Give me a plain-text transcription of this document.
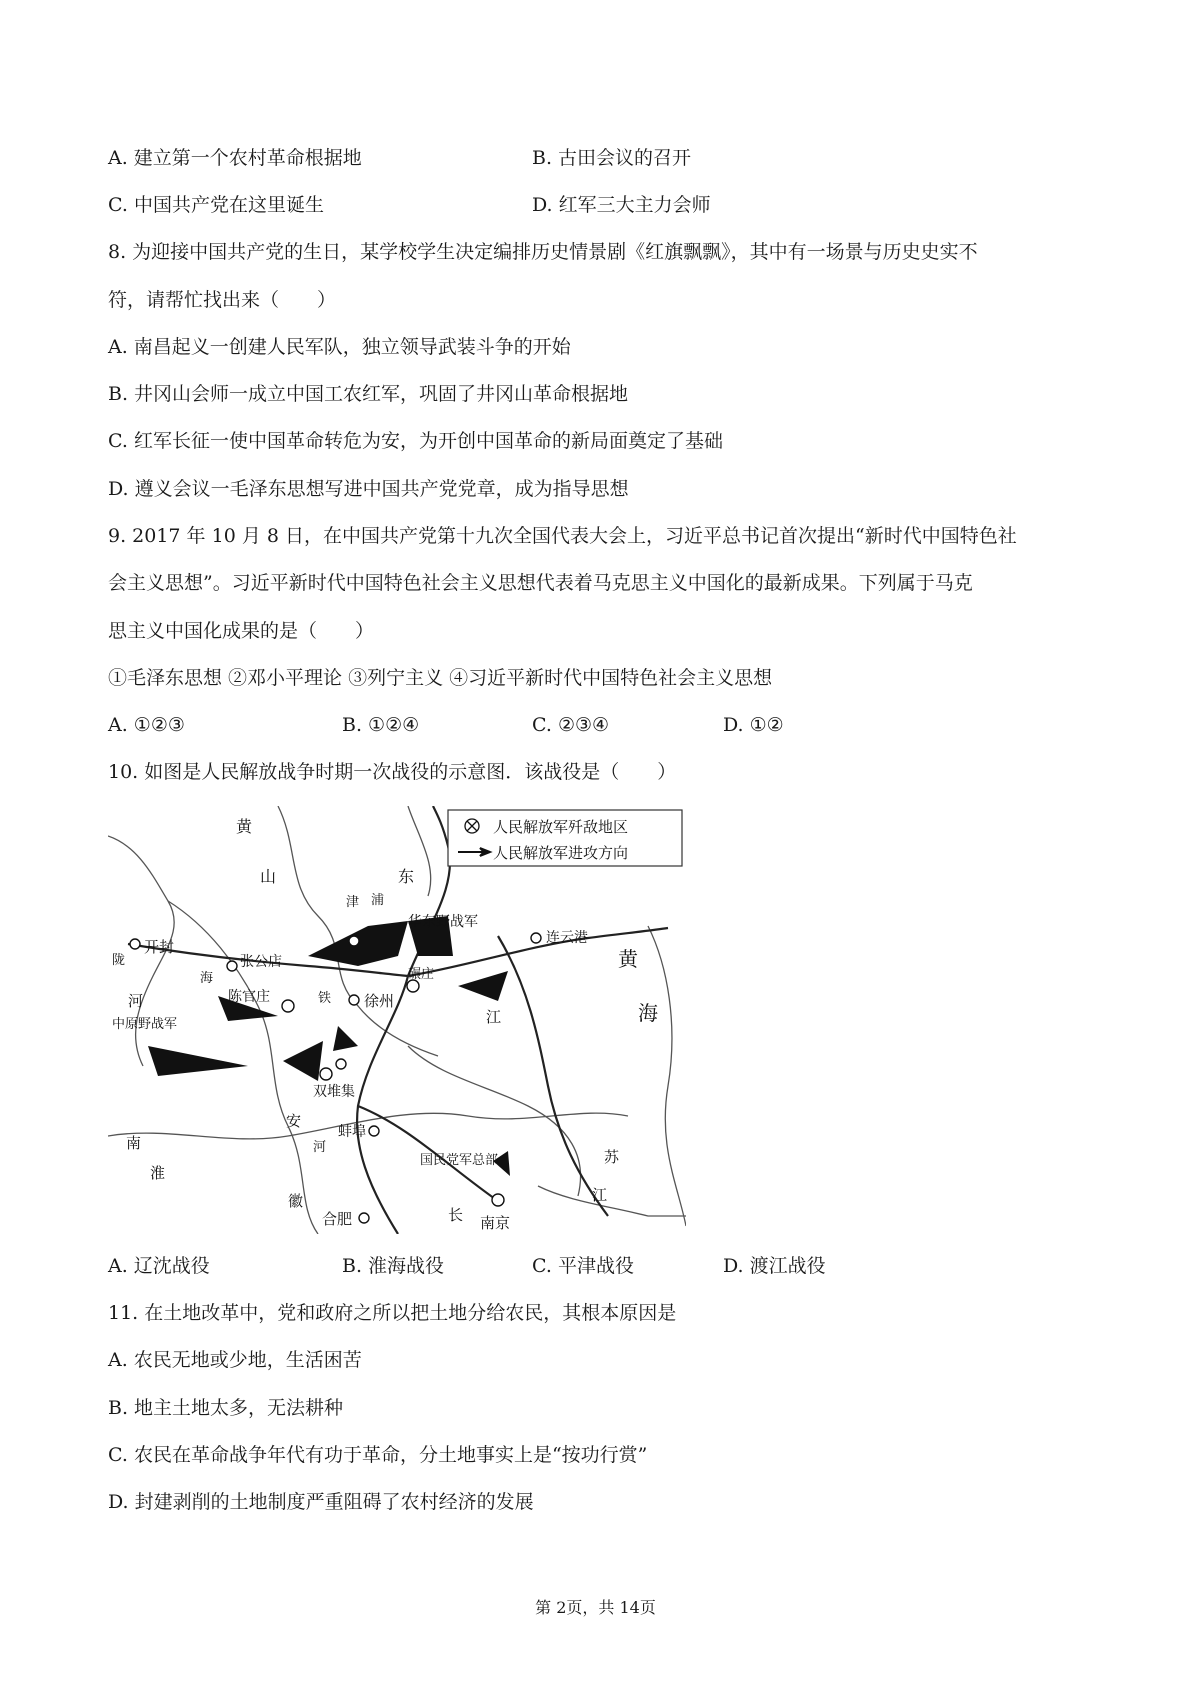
A. 建立第一个农村革命根据地	B. 古田会议的召开
C. 中国共产党在这里诞生	D. 红军三大主力会师
8. 为迎接中国共产党的生日，某学校学生决定编排历史情景剧《红旗飘飘》，其中有一场景与历史史实不
符，请帮忙找出来（　　）
A. 南昌起义一创建人民军队，独立领导武装斗争的开始
B. 井冈山会师一成立中国工农红军，巩固了井冈山革命根据地
C. 红军长征一使中国革命转危为安，为开创中国革命的新局面奠定了基础
D. 遵义会议一毛泽东思想写进中国共产党党章，成为指导思想
9. 2017 年 10 月 8 日，在中国共产党第十九次全国代表大会上，习近平总书记首次提出“新时代中国特色社
会主义思想”。习近平新时代中国特色社会主义思想代表着马克思主义中国化的最新成果。下列属于马克
思主义中国化成果的是（　　）
①毛泽东思想 ②邓小平理论 ③列宁主义 ④习近平新时代中国特色社会主义思想
A. ①②③	B. ①②④	C. ②③④	D. ①②
10. 如图是人民解放战争时期一次战役的示意图．该战役是（　　）
人民解放军歼敌地区
人民解放军进攻方向
黄
山	东
津 浦
华东野战军
连云港
开封
陇
海
张公店
陈官庄	铁 徐州
碾庄
河
中原野战军	江
黄
海
双堆集
安
河
蚌埠
南
淮
苏
国民党军总部
徽
合肥	长 南京
江
A. 辽沈战役	B. 淮海战役	C. 平津战役	D. 渡江战役
11. 在土地改革中，党和政府之所以把土地分给农民，其根本原因是
A. 农民无地或少地，生活困苦
B. 地主土地太多，无法耕种
C. 农民在革命战争年代有功于革命，分土地事实上是“按功行赏”
D. 封建剥削的土地制度严重阻碍了农村经济的发展
第 2页，共 14页
